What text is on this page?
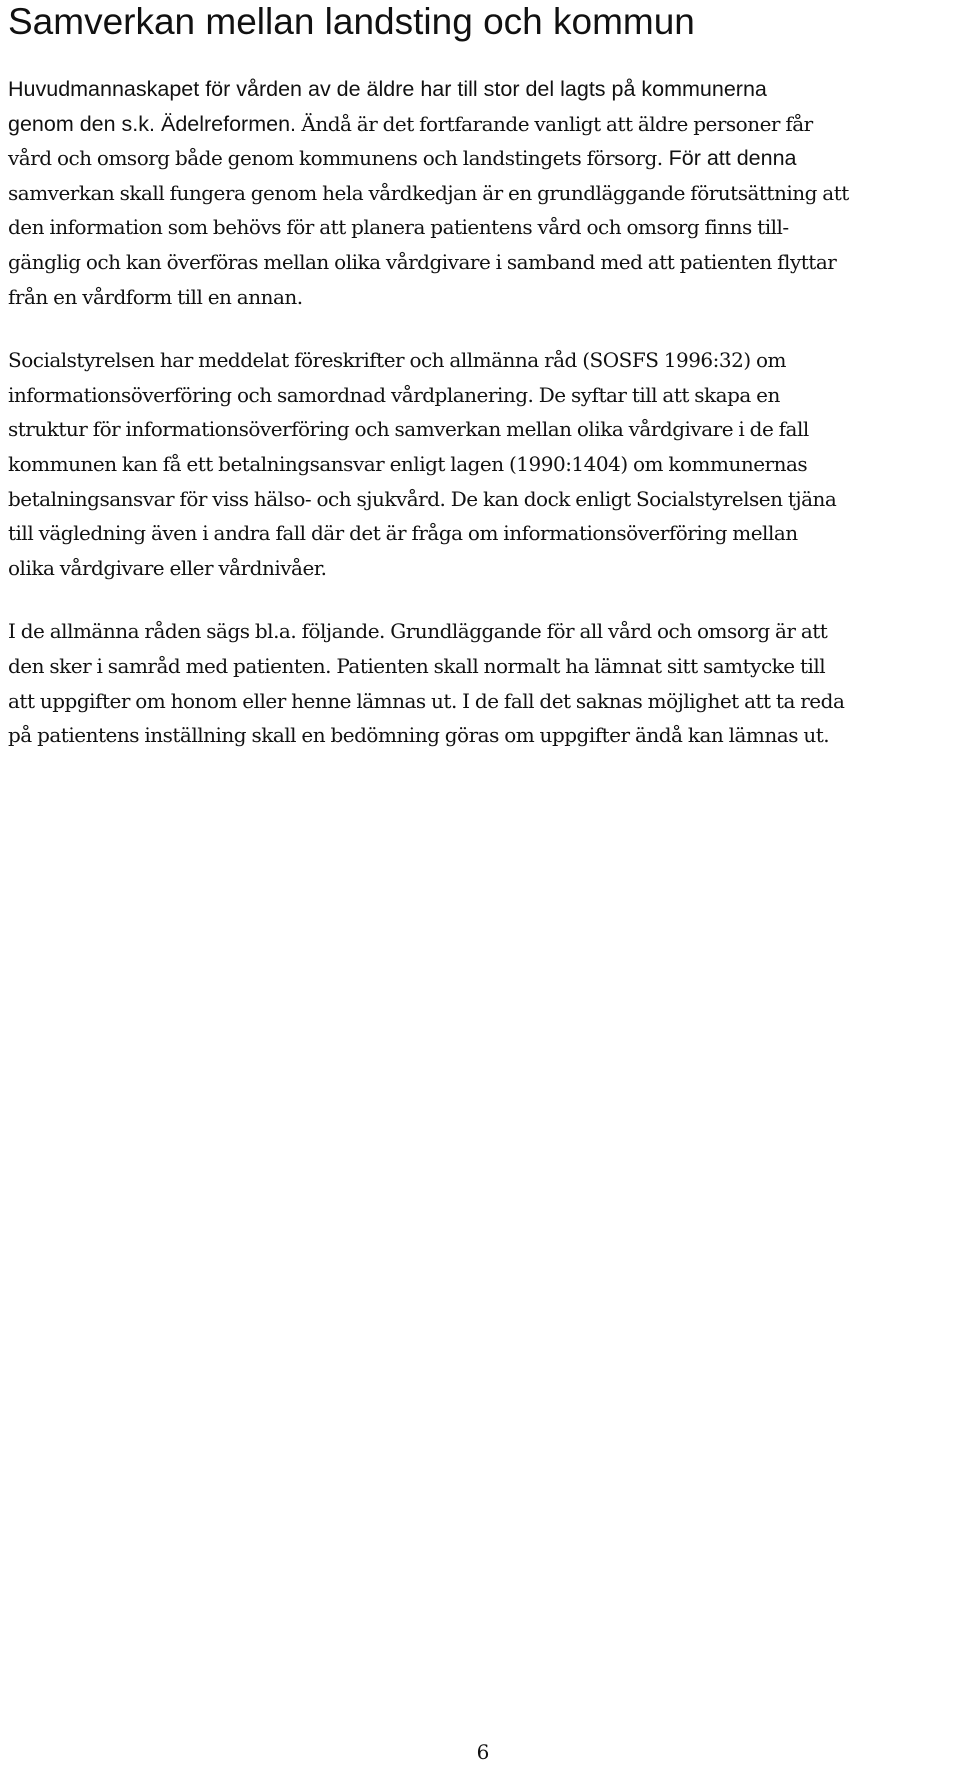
Samverkan mellan landsting och kommun

Huvudmannaskapet för vården av de äldre har till stor del lagts på kommunerna
genom den s.k. Ädelreformen. Ändå är det fortfarande vanligt att äldre personer får
vård och omsorg både genom kommunens och landstingets försorg. För att denna
samverkan skall fungera genom hela vårdkedjan är en grundläggande förutsättning att
den information som behövs för att planera patientens vård och omsorg finns till-
gänglig och kan överföras mellan olika vårdgivare i samband med att patienten flyttar
från en vårdform till en annan.

Socialstyrelsen har meddelat föreskrifter och allmänna råd (SOSFS 1996:32) om
informationsöverföring och samordnad vårdplanering. De syftar till att skapa en
struktur för informationsöverföring och samverkan mellan olika vårdgivare i de fall
kommunen kan få ett betalningsansvar enligt lagen (1990:1404) om kommunernas
betalningsansvar för viss hälso- och sjukvård. De kan dock enligt Socialstyrelsen tjäna
till vägledning även i andra fall där det är fråga om informationsöverföring mellan
olika vårdgivare eller vårdnivåer.

I de allmänna råden sägs bl.a. följande. Grundläggande för all vård och omsorg är att
den sker i samråd med patienten. Patienten skall normalt ha lämnat sitt samtycke till
att uppgifter om honom eller henne lämnas ut. I de fall det saknas möjlighet att ta reda
på patientens inställning skall en bedömning göras om uppgifter ändå kan lämnas ut.

6
